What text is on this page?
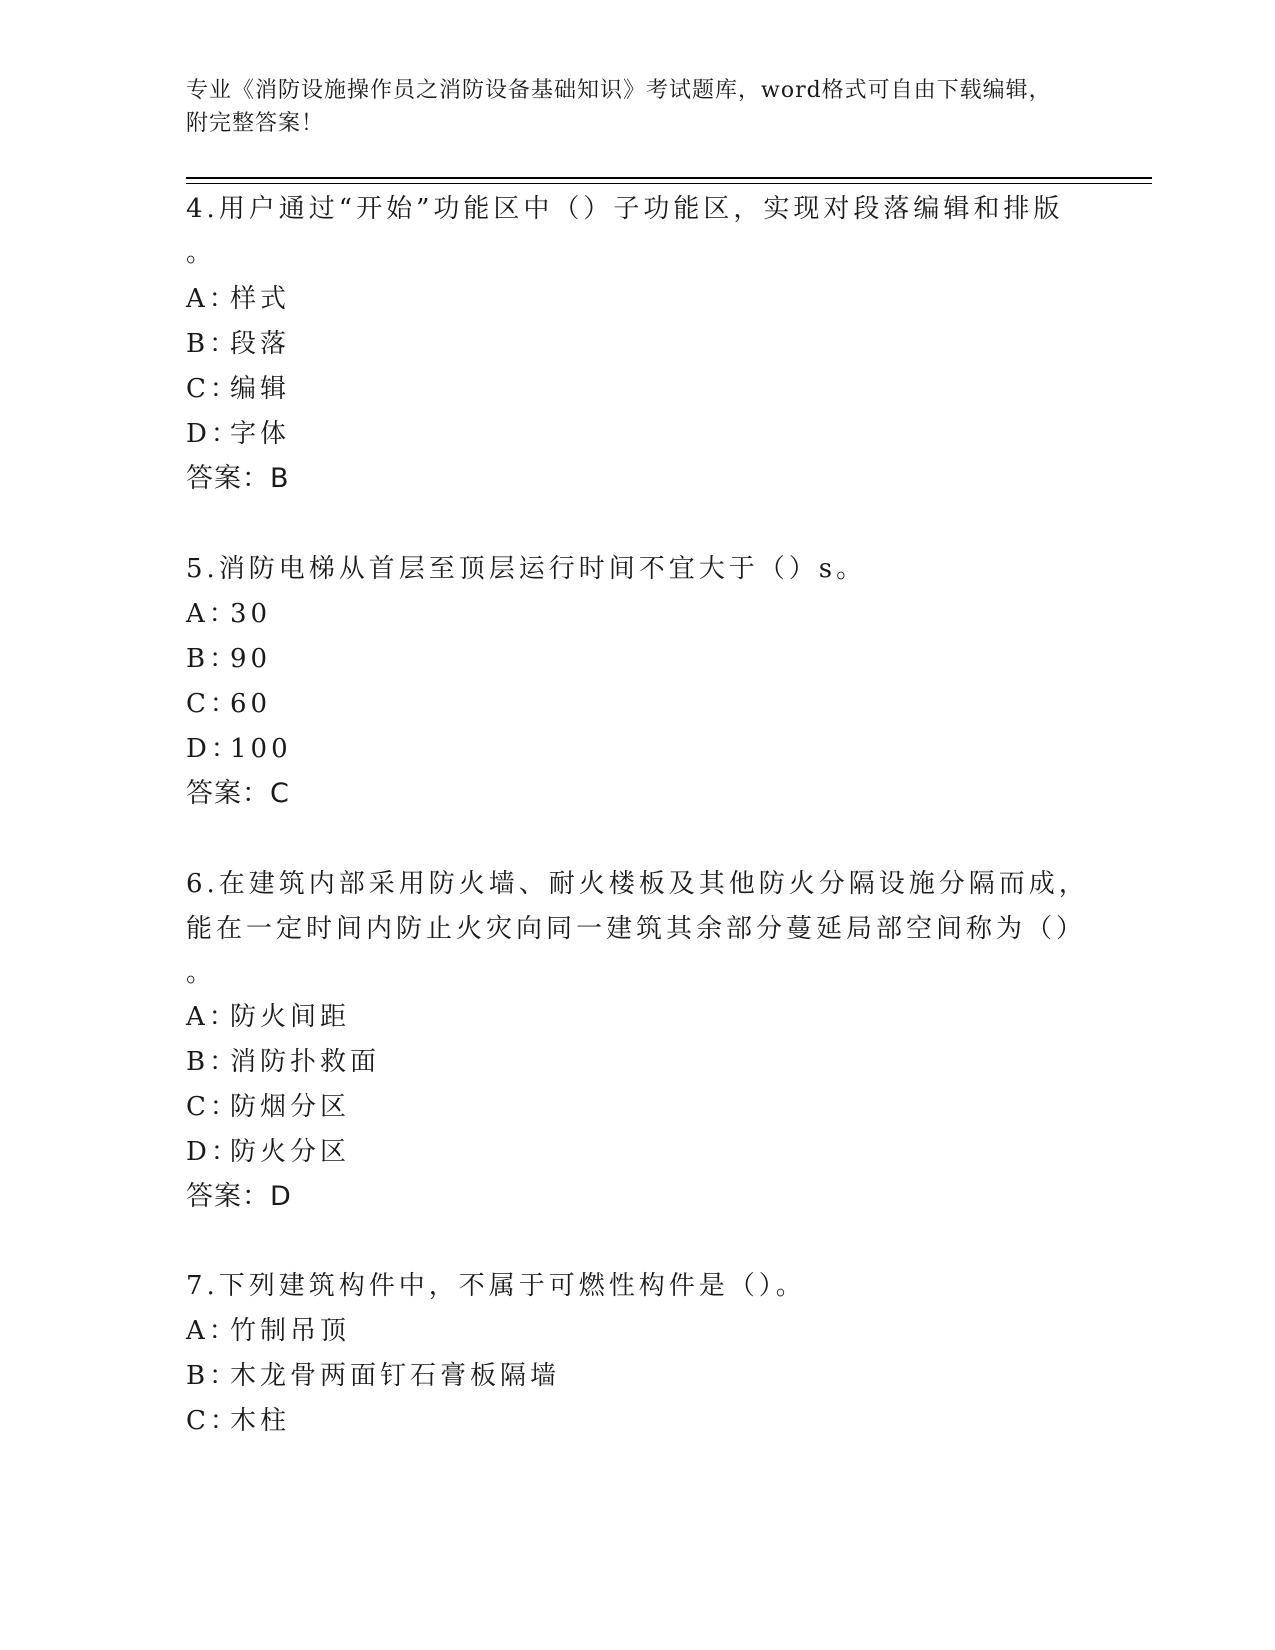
专业《消防设施操作员之消防设备基础知识》考试题库，word格式可自由下载编辑，附完整答案！
4.用户通过“开始”功能区中（）子功能区，实现对段落编辑和排版
。
A：样式
B：段落
C：编辑
D：字体
答案：B
5.消防电梯从首层至顶层运行时间不宜大于（）s。
A：30
B：90
C：60
D：100
答案：C
6.在建筑内部采用防火墙、耐火楼板及其他防火分隔设施分隔而成，
能在一定时间内防止火灾向同一建筑其余部分蔓延局部空间称为（）
。
A：防火间距
B：消防扑救面
C：防烟分区
D：防火分区
答案：D
7.下列建筑构件中，不属于可燃性构件是（）。
A：竹制吊顶
B：木龙骨两面钉石膏板隔墙
C：木柱
